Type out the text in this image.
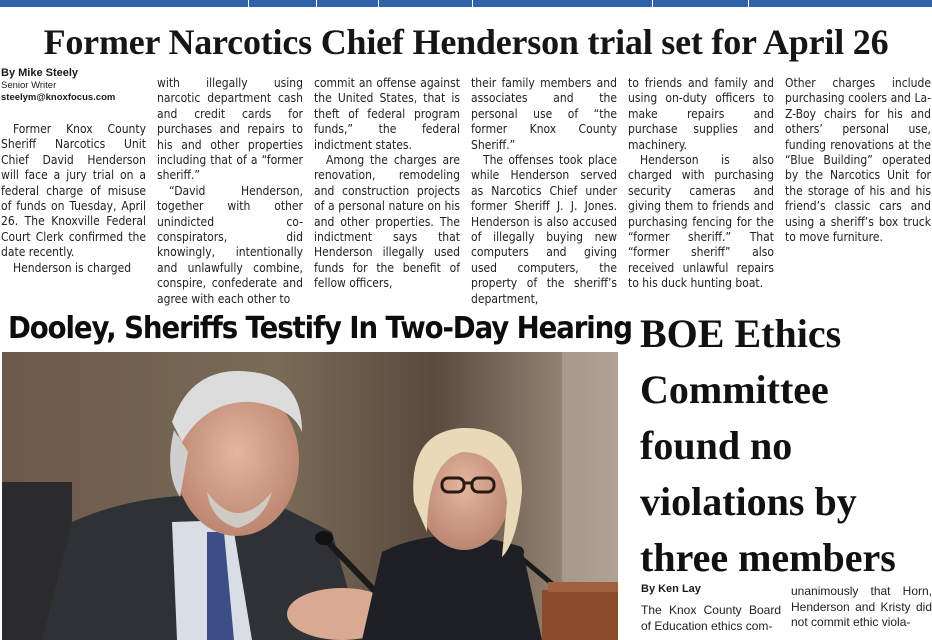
Former Narcotics Chief Henderson trial set for April 26
By Mike Steely
Senior Writer
steelym@knoxfocus.com

Former Knox County Sheriff Narcotics Unit Chief David Henderson will face a jury trial on a federal charge of misuse of funds on Tuesday, April 26. The Knoxville Federal Court Clerk confirmed the date recently.

Henderson is charged

with illegally using narcotic department cash and credit cards for purchases and repairs to his and other properties including that of a “former sheriff.”

“David Henderson, together with other unindicted co-conspirators, did knowingly, intentionally and unlawfully combine, conspire, confederate and agree with each other to

commit an offense against the United States, that is theft of federal program funds,” the federal indictment states.

Among the charges are renovation, remodeling and construction projects of a personal nature on his and other properties. The indictment says that Henderson illegally used funds for the benefit of fellow officers,

their family members and associates and the personal use of “the former Knox County Sheriff.”

The offenses took place while Henderson served as Narcotics Chief under former Sheriff J. J. Jones. Henderson is also accused of illegally buying new computers and giving used computers, the property of the sheriff’s department,

to friends and family and using on-duty officers to make repairs and purchase supplies and machinery.

Henderson is also charged with purchasing security cameras and giving them to friends and purchasing fencing for the “former sheriff.” That “former sheriff” also received unlawful repairs to his duck hunting boat.

Other charges include purchasing coolers and La-Z-Boy chairs for his and others’ personal use, funding renovations at the “Blue Building” operated by the Narcotics Unit for the storage of his and his friend’s classic cars and using a sheriff’s box truck to move furniture.

Dooley, Sheriffs Testify In Two-Day Hearing BOE Ethics Committee found no violations by three members
By Ken Lay
The Knox County Board of Education ethics com-
unanimously that Horn, Henderson and Kristy did not commit ethic viola-
